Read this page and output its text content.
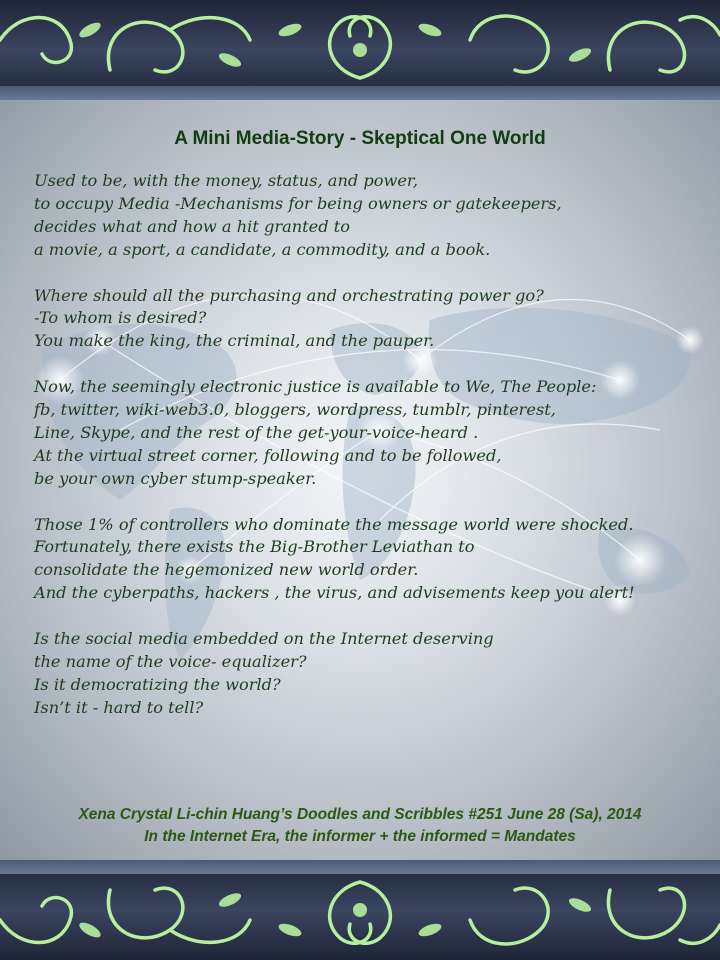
A Mini Media-Story - Skeptical One World
Used to be, with the money, status, and power,
to occupy Media -Mechanisms for being owners or gatekeepers,
decides what and how a hit granted to
a movie, a sport, a candidate, a commodity, and a book.
Where should all the purchasing and orchestrating power go?
-To whom is desired?
You make the king, the criminal, and the pauper.
Now, the seemingly electronic justice is available to We, The People:
fb, twitter, wiki-web3.0, bloggers, wordpress, tumblr, pinterest,
Line, Skype, and the rest of the get-your-voice-heard .
At the virtual street corner, following and to be followed,
be your own cyber stump-speaker.
Those 1% of controllers who dominate the message world were shocked.
Fortunately, there exists the Big-Brother Leviathan to
consolidate the hegemonized new world order.
And the cyberpaths, hackers , the virus, and advisements keep you alert!
Is the social media embedded on the Internet deserving
the name of the voice- equalizer?
Is it democratizing the world?
Isn’t it - hard to tell?
Xena Crystal Li-chin Huang’s Doodles and Scribbles #251 June 28 (Sa), 2014
In the Internet Era, the informer + the informed = Mandates
